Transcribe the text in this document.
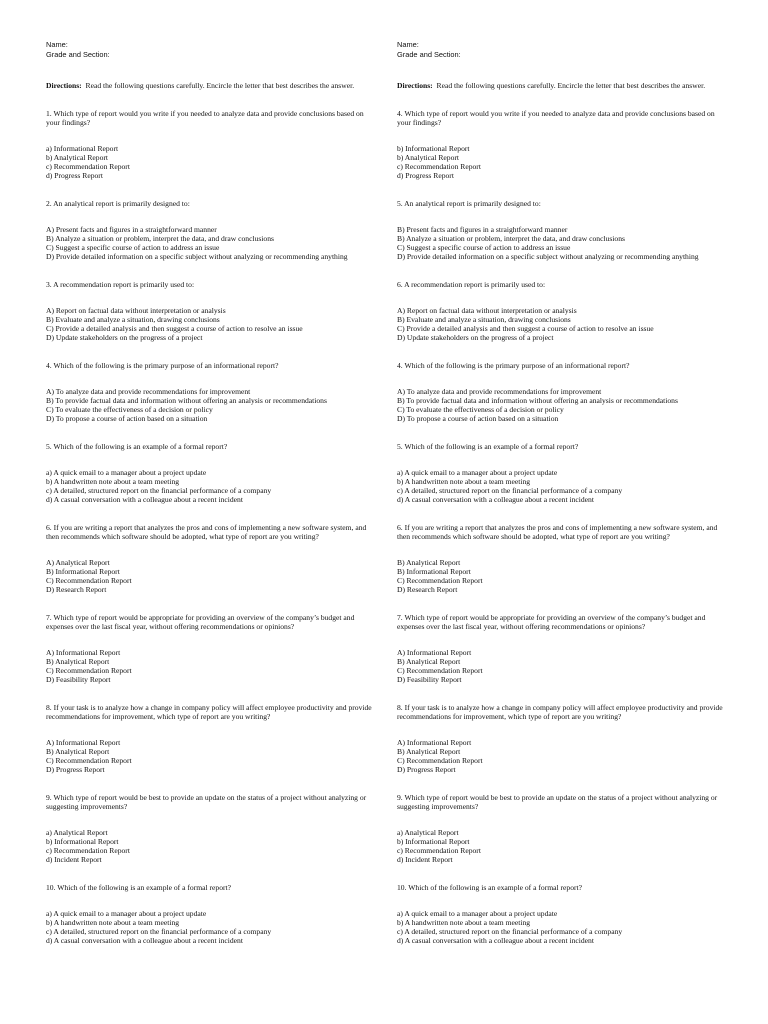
Name:

Grade and Section:

Directions: Read the following questions carefully. Encircle the letter that best describes the answer.

1. Which type of report would you write if you needed to analyze data and provide conclusions based on your findings?

a) Informational Report

b) Analytical Report

c) Recommendation Report

d) Progress Report

2. An analytical report is primarily designed to:

A) Present facts and figures in a straightforward manner

B) Analyze a situation or problem, interpret the data, and draw conclusions

C) Suggest a specific course of action to address an issue

D) Provide detailed information on a specific subject without analyzing or recommending anything

3. A recommendation report is primarily used to:

A) Report on factual data without interpretation or analysis

B) Evaluate and analyze a situation, drawing conclusions

C) Provide a detailed analysis and then suggest a course of action to resolve an issue

D) Update stakeholders on the progress of a project

4. Which of the following is the primary purpose of an informational report?

A) To analyze data and provide recommendations for improvement

B) To provide factual data and information without offering an analysis or recommendations

C) To evaluate the effectiveness of a decision or policy

D) To propose a course of action based on a situation

5. Which of the following is an example of a formal report?

a) A quick email to a manager about a project update

b) A handwritten note about a team meeting

c) A detailed, structured report on the financial performance of a company

d) A casual conversation with a colleague about a recent incident

6. If you are writing a report that analyzes the pros and cons of implementing a new software system, and then recommends which software should be adopted, what type of report are you writing?

A) Analytical Report

B) Informational Report

C) Recommendation Report

D) Research Report

7. Which type of report would be appropriate for providing an overview of the company’s budget and expenses over the last fiscal year, without offering recommendations or opinions?

A) Informational Report

B) Analytical Report

C) Recommendation Report

D) Feasibility Report

8. If your task is to analyze how a change in company policy will affect employee productivity and provide recommendations for improvement, which type of report are you writing?

A) Informational Report

B) Analytical Report

C) Recommendation Report

D) Progress Report

9. Which type of report would be best to provide an update on the status of a project without analyzing or suggesting improvements?

a) Analytical Report

b) Informational Report

c) Recommendation Report

d) Incident Report

10. Which of the following is an example of a formal report?

a) A quick email to a manager about a project update

b) A handwritten note about a team meeting

c) A detailed, structured report on the financial performance of a company

d) A casual conversation with a colleague about a recent incident

Name:

Grade and Section:

Directions: Read the following questions carefully. Encircle the letter that best describes the answer.

4. Which type of report would you write if you needed to analyze data and provide conclusions based on your findings?

b) Informational Report

b) Analytical Report

c) Recommendation Report

d) Progress Report

5. An analytical report is primarily designed to:

B) Present facts and figures in a straightforward manner

B) Analyze a situation or problem, interpret the data, and draw conclusions

C) Suggest a specific course of action to address an issue

D) Provide detailed information on a specific subject without analyzing or recommending anything

6. A recommendation report is primarily used to:

A) Report on factual data without interpretation or analysis

B) Evaluate and analyze a situation, drawing conclusions

C) Provide a detailed analysis and then suggest a course of action to resolve an issue

D) Update stakeholders on the progress of a project

4. Which of the following is the primary purpose of an informational report?

A) To analyze data and provide recommendations for improvement

B) To provide factual data and information without offering an analysis or recommendations

C) To evaluate the effectiveness of a decision or policy

D) To propose a course of action based on a situation

5. Which of the following is an example of a formal report?

a) A quick email to a manager about a project update

b) A handwritten note about a team meeting

c) A detailed, structured report on the financial performance of a company

d) A casual conversation with a colleague about a recent incident

6. If you are writing a report that analyzes the pros and cons of implementing a new software system, and then recommends which software should be adopted, what type of report are you writing?

B) Analytical Report

B) Informational Report

C) Recommendation Report

D) Research Report

7. Which type of report would be appropriate for providing an overview of the company’s budget and expenses over the last fiscal year, without offering recommendations or opinions?

A) Informational Report

B) Analytical Report

C) Recommendation Report

D) Feasibility Report

8. If your task is to analyze how a change in company policy will affect employee productivity and provide recommendations for improvement, which type of report are you writing?

A) Informational Report

B) Analytical Report

C) Recommendation Report

D) Progress Report

9. Which type of report would be best to provide an update on the status of a project without analyzing or suggesting improvements?

a) Analytical Report

b) Informational Report

c) Recommendation Report

d) Incident Report

10. Which of the following is an example of a formal report?

a) A quick email to a manager about a project update

b) A handwritten note about a team meeting

c) A detailed, structured report on the financial performance of a company

d) A casual conversation with a colleague about a recent incident
